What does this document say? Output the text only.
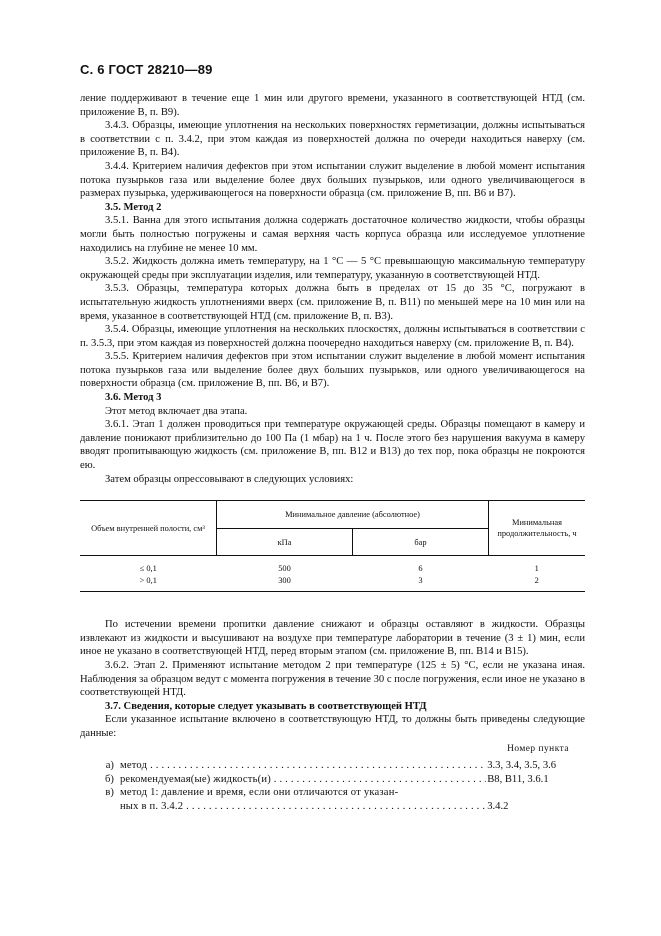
С. 6 ГОСТ 28210—89

ление поддерживают в течение еще 1 мин или другого времени, указанного в соответствующей НТД (см. приложение В, п. В9).

3.4.3. Образцы, имеющие уплотнения на нескольких поверхностях герметизации, должны испытываться в соответствии с п. 3.4.2, при этом каждая из поверхностей должна по очереди находиться наверху (см. приложение В, п. В4).

3.4.4. Критерием наличия дефектов при этом испытании служит выделение в любой момент испытания потока пузырьков газа или выделение более двух больших пузырьков, или одного увеличивающегося в размерах пузырька, удерживающегося на поверхности образца (см. приложение В, пп. В6 и В7).

3.5. Метод 2

3.5.1. Ванна для этого испытания должна содержать достаточное количество жидкости, чтобы образцы могли быть полностью погружены и самая верхняя часть корпуса образца или исследуемое уплотнение находились на глубине не менее 10 мм.

3.5.2. Жидкость должна иметь температуру, на 1 °С — 5 °С превышающую максимальную температуру окружающей среды при эксплуатации изделия, или температуру, указанную в соответствующей НТД.

3.5.3. Образцы, температура которых должна быть в пределах от 15 до 35 °С, погружают в испытательную жидкость уплотнениями вверх (см. приложение В, п. В11) по меньшей мере на 10 мин или на время, указанное в соответствующей НТД (см. приложение В, п. В3).

3.5.4. Образцы, имеющие уплотнения на нескольких плоскостях, должны испытываться в соответствии с п. 3.5.3, при этом каждая из поверхностей должна поочередно находиться наверху (см. приложение В, п. В4).

3.5.5. Критерием наличия дефектов при этом испытании служит выделение в любой момент испытания потока пузырьков газа или выделение более двух больших пузырьков, или одного увеличивающегося на поверхности образца (см. приложение В, пп. В6, и В7).

3.6. Метод 3

Этот метод включает два этапа.

3.6.1. Этап 1 должен проводиться при температуре окружающей среды. Образцы помещают в камеру и давление понижают приблизительно до 100 Па (1 мбар) на 1 ч. После этого без нарушения вакуума в камеру вводят пропитывающую жидкость (см. приложение В, пп. В12 и В13) до тех пор, пока образцы не покроются ею.

Затем образцы опрессовывают в следующих условиях:

Объем внутренней полости, см³	Минимальное давление (абсолютное)		Минимальная продолжительность, ч
	кПа	бар	

≤ 0,1	500	6	1
> 0,1	300	3	2

По истечении времени пропитки давление снижают и образцы оставляют в жидкости. Образцы извлекают из жидкости и высушивают на воздухе при температуре лаборатории в течение (3 ± 1) мин, если иное не указано в соответствующей НТД, перед вторым этапом (см. приложение В, пп. В14 и В15).

3.6.2. Этап 2. Применяют испытание методом 2 при температуре (125 ± 5) °С, если не указана иная. Наблюдения за образцом ведут с момента погружения в течение 30 с после погружения, если иное не указано в соответствующей НТД.

3.7. Сведения, которые следует указывать в соответствующей НТД

Если указанное испытание включено в соответствующую НТД, то должны быть приведены следующие данные:

Номер пункта
а) метод . . .	3.3, 3.4, 3.5, 3.6
б) рекомендуемая(ые) жидкость(и) . . .	В8, В11, 3.6.1
в) метод 1: давление и время, если они отличаются от указан-

ных в п. 3.4.2 . . .	3.4.2
